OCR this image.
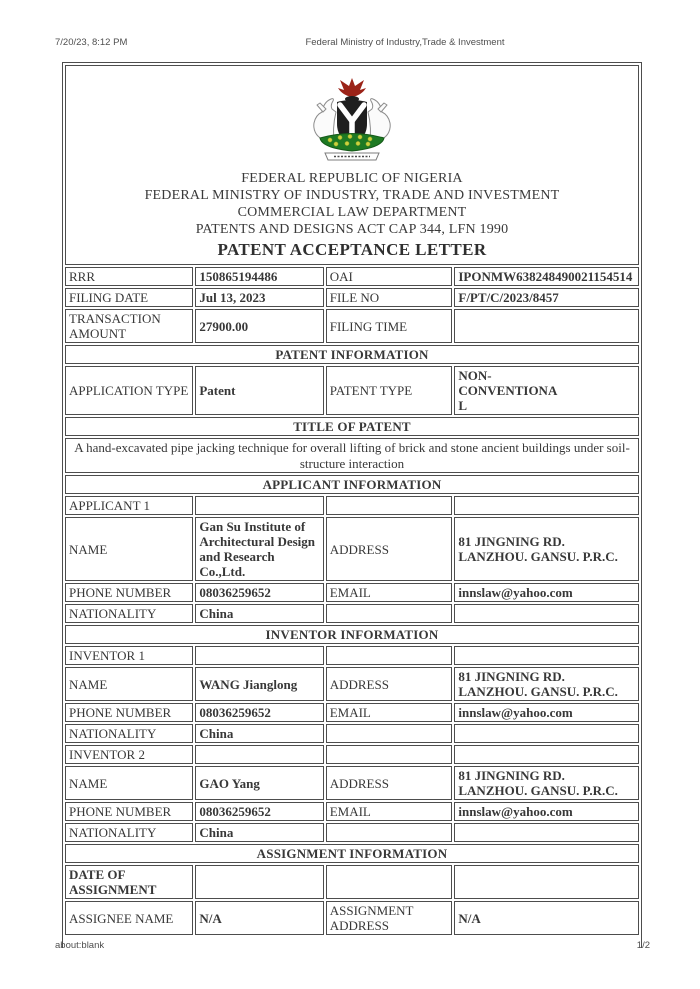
7/20/23, 8:12 PM	Federal Ministry of Industry,Trade & Investment
FEDERAL REPUBLIC OF NIGERIA
FEDERAL MINISTRY OF INDUSTRY, TRADE AND INVESTMENT
COMMERCIAL LAW DEPARTMENT
PATENTS AND DESIGNS ACT CAP 344, LFN 1990
PATENT ACCEPTANCE LETTER			

RRR	150865194486	OAI	IPONMW638248490021154514
FILING DATE	Jul 13, 2023	FILE NO	F/PT/C/2023/8457
TRANSACTION AMOUNT	27900.00	FILING TIME	
PATENT INFORMATION			
APPLICATION TYPE	Patent	PATENT TYPE	NON-CONVENTIONAL
TITLE OF PATENT			
A hand-excavated pipe jacking technique for overall lifting of brick and stone ancient buildings under soil-structure interaction			
APPLICANT INFORMATION			
APPLICANT 1			
NAME	Gan Su Institute of Architectural Design and Research Co.,Ltd.	ADDRESS	81 JINGNING RD. LANZHOU. GANSU. P.R.C.
PHONE NUMBER	08036259652	EMAIL	innslaw@yahoo.com
NATIONALITY	China		
INVENTOR INFORMATION			
INVENTOR 1			
NAME	WANG Jianglong	ADDRESS	81 JINGNING RD. LANZHOU. GANSU. P.R.C.
PHONE NUMBER	08036259652	EMAIL	innslaw@yahoo.com
NATIONALITY	China		
INVENTOR 2			
NAME	GAO Yang	ADDRESS	81 JINGNING RD. LANZHOU. GANSU. P.R.C.
PHONE NUMBER	08036259652	EMAIL	innslaw@yahoo.com
NATIONALITY	China		
ASSIGNMENT INFORMATION			
DATE OF ASSIGNMENT			
ASSIGNEE NAME	N/A	ASSIGNMENT ADDRESS	N/A
about:blank	1/2
